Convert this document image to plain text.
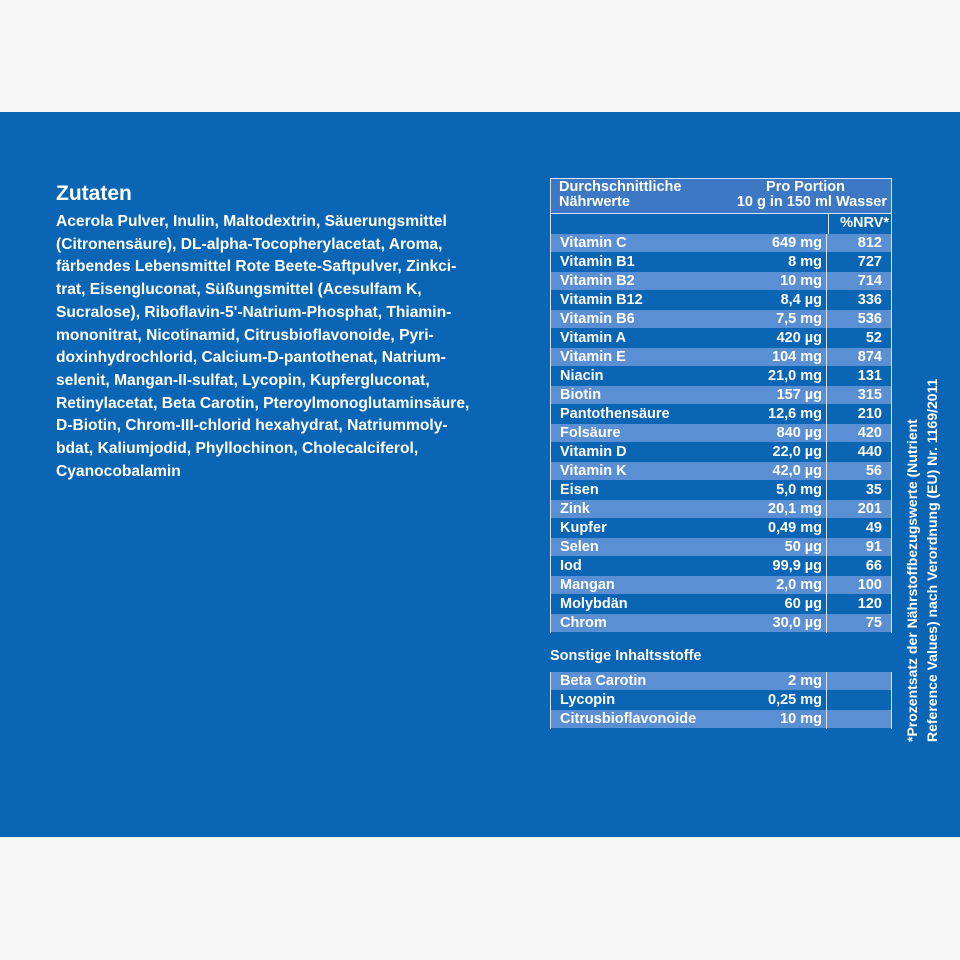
Zutaten
Acerola Pulver, Inulin, Maltodextrin, Säuerungsmittel
(Citronensäure), DL-alpha-Tocopherylacetat, Aroma,
färbendes Lebensmittel Rote Beete-Saftpulver, Zinkci-
trat, Eisengluconat, Süßungsmittel (Acesulfam K,
Sucralose), Riboflavin-5'-Natrium-Phosphat, Thiamin-
mononitrat, Nicotinamid, Citrusbioflavonoide, Pyri-
doxinhydrochlorid, Calcium-D-pantothenat, Natrium-
selenit, Mangan-II-sulfat, Lycopin, Kupfergluconat,
Retinylacetat, Beta Carotin, Pteroylmonoglutaminsäure,
D-Biotin, Chrom-III-chlorid hexahydrat, Natriummoly-
bdat, Kaliumjodid, Phyllochinon, Cholecalciferol,
Cyanocobalamin
Durchschnittliche
Nährwerte
Pro Portion
10 g in 150 ml Wasser
%NRV*
Vitamin C	649 mg 812
Vitamin B1	8 mg 727
Vitamin B2	10 mg 714
Vitamin B12	8,4 µg 336
Vitamin B6	7,5 mg 536
Vitamin A	420 µg	52
Vitamin E	104 mg 874
Niacin	21,0 mg 131
Biotin	157 µg 315
Pantothensäure	12,6 mg 210
Folsäure	840 µg 420
Vitamin D	22,0 µg 440
Vitamin K	42,0 µg	56
Eisen	5,0 mg	35
Zink	20,1 mg 201
Kupfer	0,49 mg	49
Selen	50 µg	91
Iod	99,9 µg	66
Mangan	2,0 mg 100
Molybdän	60 µg 120
Chrom	30,0 µg	75
Sonstige Inhaltsstoffe
Beta Carotin	2 mg
Lycopin	0,25 mg
Citrusbioflavonoide	10 mg	*Prozentsatz der Nährstoffbezugswerte (Nutrient Reference Values) nach Verordnung (EU) Nr. 1169/2011
